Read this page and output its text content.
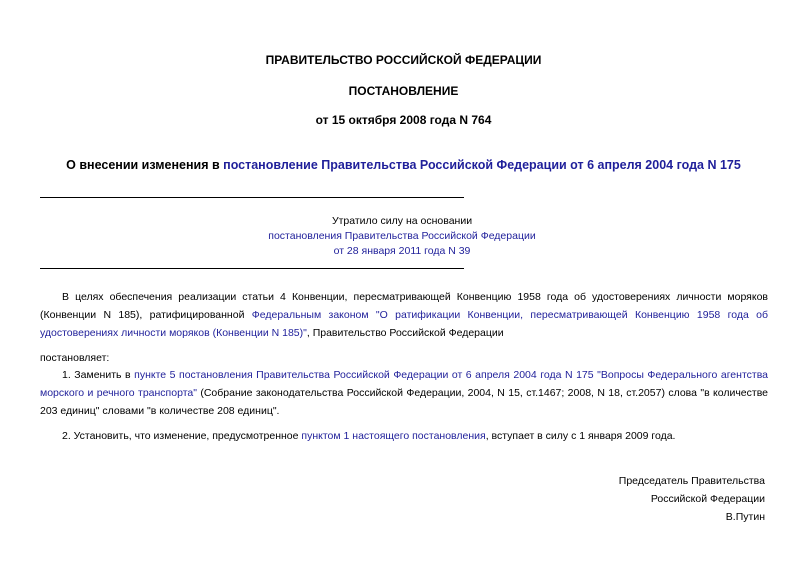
ПРАВИТЕЛЬСТВО РОССИЙСКОЙ ФЕДЕРАЦИИ
ПОСТАНОВЛЕНИЕ
от 15 октября 2008 года N 764
О внесении изменения в постановление Правительства Российской Федерации от 6 апреля 2004 года N 175
Утратило силу на основании
постановления Правительства Российской Федерации
от 28 января 2011 года N 39
В целях обеспечения реализации статьи 4 Конвенции, пересматривающей Конвенцию 1958 года об удостоверениях личности моряков (Конвенции N 185), ратифицированной Федеральным законом "О ратификации Конвенции, пересматривающей Конвенцию 1958 года об удостоверениях личности моряков (Конвенции N 185)", Правительство Российской Федерации
постановляет:
1. Заменить в пункте 5 постановления Правительства Российской Федерации от 6 апреля 2004 года N 175 "Вопросы Федерального агентства морского и речного транспорта" (Собрание законодательства Российской Федерации, 2004, N 15, ст.1467; 2008, N 18, ст.2057) слова "в количестве 203 единиц" словами "в количестве 208 единиц".
2. Установить, что изменение, предусмотренное пунктом 1 настоящего постановления, вступает в силу с 1 января 2009 года.
Председатель Правительства
Российской Федерации
В.Путин
